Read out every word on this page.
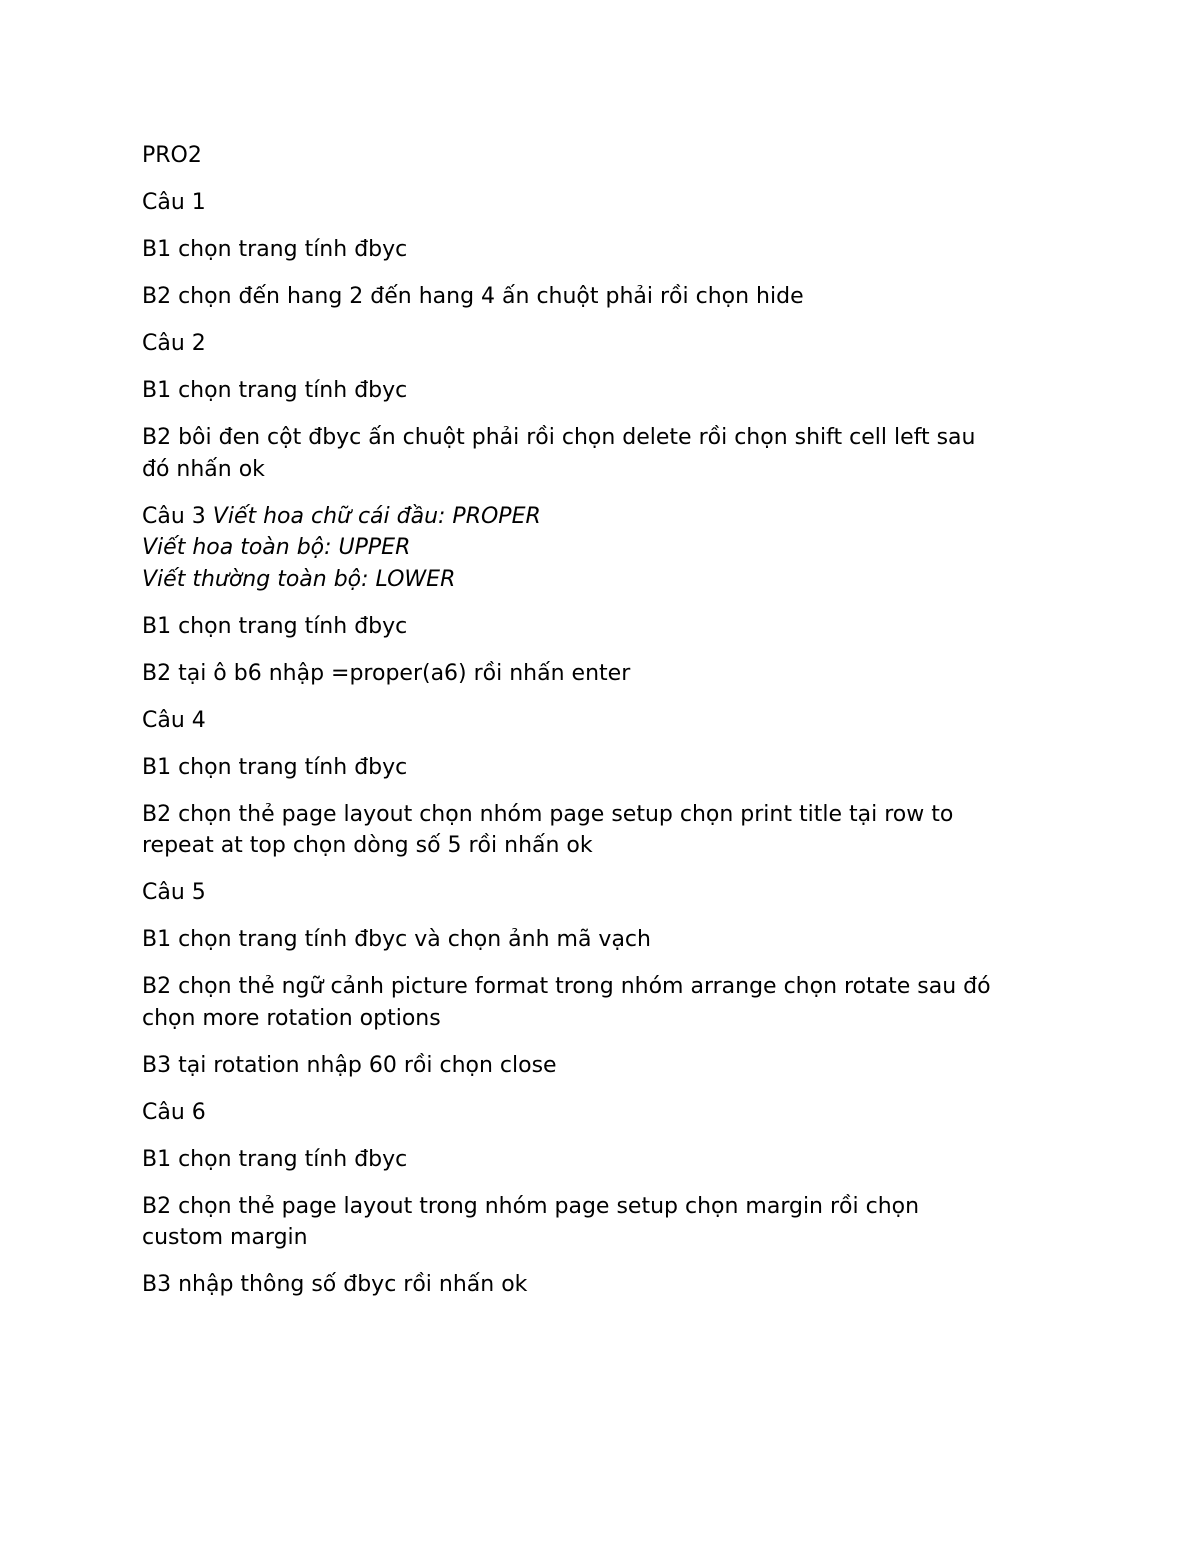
PRO2

Câu 1

B1 chọn trang tính đbyc

B2 chọn đến hang 2 đến hang 4 ấn chuột phải rồi chọn hide

Câu 2

B1 chọn trang tính đbyc

B2 bôi đen cột đbyc ấn chuột phải rồi chọn delete rồi chọn shift cell left sau
đó nhấn ok

Câu 3 Viết hoa chữ cái đầu: PROPER
Viết hoa toàn bộ: UPPER
Viết thường toàn bộ: LOWER

B1 chọn trang tính đbyc

B2 tại ô b6 nhập =proper(a6) rồi nhấn enter

Câu 4

B1 chọn trang tính đbyc

B2 chọn thẻ page layout chọn nhóm page setup chọn print title tại row to
repeat at top chọn dòng số 5 rồi nhấn ok

Câu 5

B1 chọn trang tính đbyc và chọn ảnh mã vạch

B2 chọn thẻ ngữ cảnh picture format trong nhóm arrange chọn rotate sau đó
chọn more rotation options

B3 tại rotation nhập 60 rồi chọn close

Câu 6

B1 chọn trang tính đbyc

B2 chọn thẻ page layout trong nhóm page setup chọn margin rồi chọn
custom margin

B3 nhập thông số đbyc rồi nhấn ok
